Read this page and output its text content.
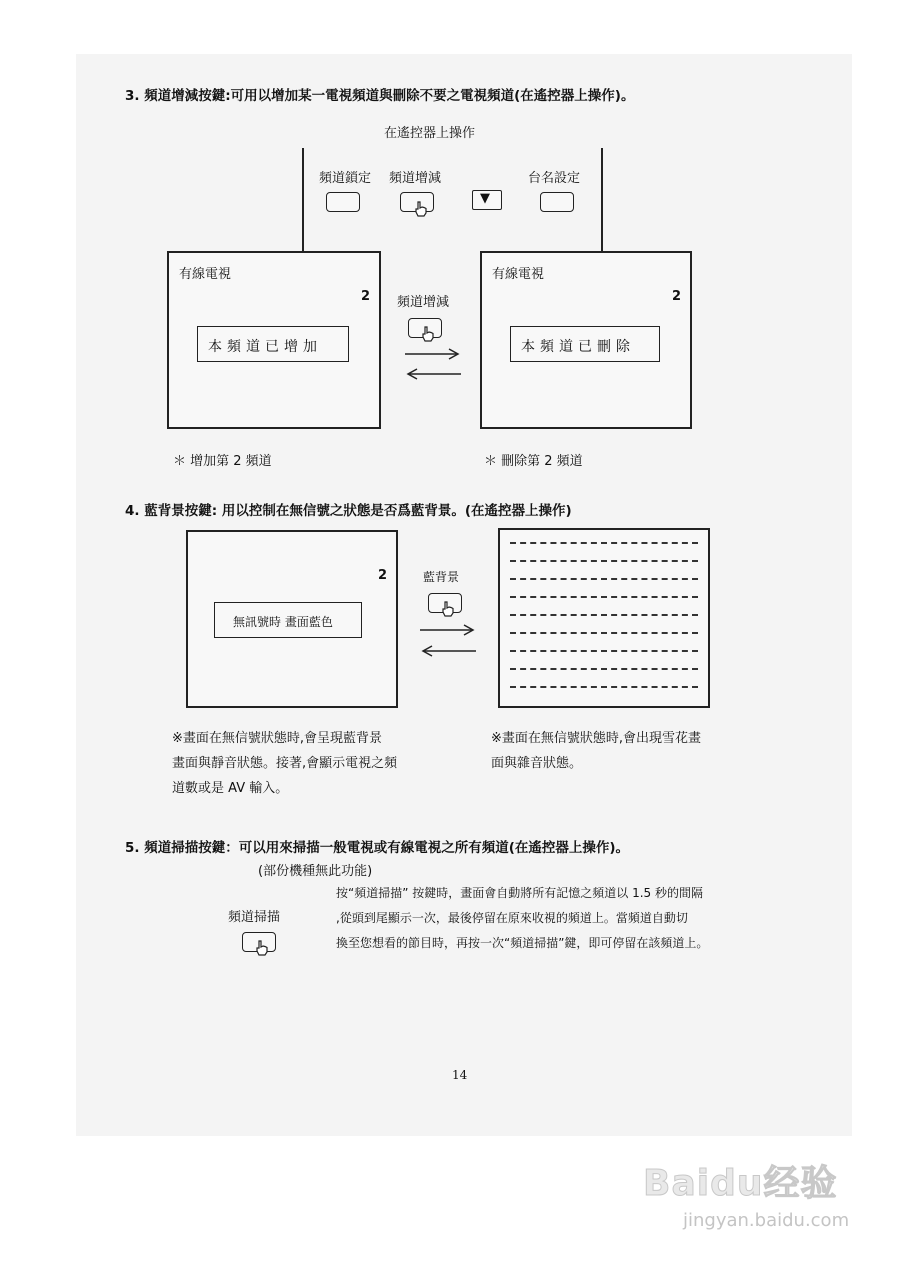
3. 頻道增減按鍵:可用以增加某一電視頻道與刪除不要之電視頻道(在遙控器上操作)。
在遙控器上操作
頻道鎖定 頻道增減
▼
台名設定
有線電視
2
本頻道已增加
頻道增減
有線電視
2
本頻道已刪除
＊ 增加第 2 頻道	＊ 刪除第 2 頻道
4. 藍背景按鍵: 用以控制在無信號之狀態是否爲藍背景。(在遙控器上操作)
2
無訊號時 畫面藍色
藍背景
※畫面在無信號狀態時,會呈現藍背景
畫面與靜音狀態。接著,會顯示電視之頻
道數或是 AV 輸入。
※畫面在無信號狀態時,會出現雪花畫
面與雜音狀態。
5. 頻道掃描按鍵：可以用來掃描一般電視或有線電視之所有頻道(在遙控器上操作)。
(部份機種無此功能)
頻道掃描
按“頻道掃描” 按鍵時，畫面會自動將所有記憶之頻道以 1.5 秒的間隔
,從頭到尾顯示一次，最後停留在原來收視的頻道上。當頻道自動切
換至您想看的節目時，再按一次“頻道掃描”鍵，即可停留在該頻道上。
14
Baidu经验
jingyan.baidu.com
